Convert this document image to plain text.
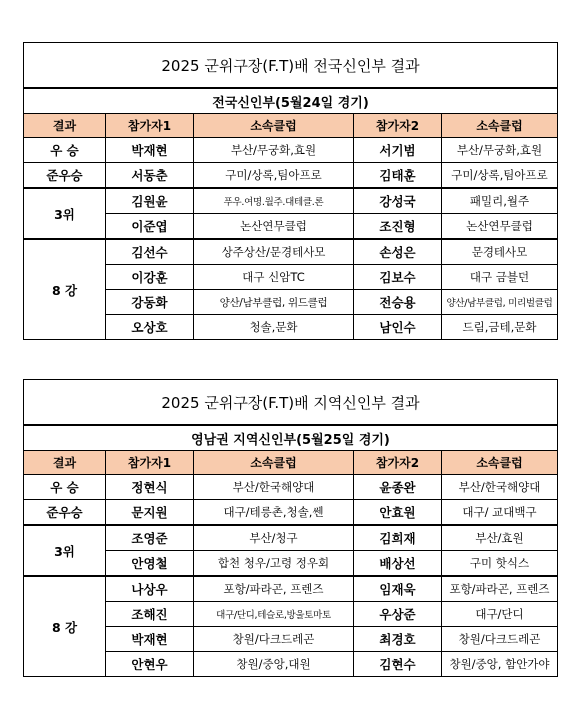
2025 군위구장(F.T)배 전국신인부 결과				
전국신인부(5월24일 경기)				
결과	참가자1	소속클럽	참가자2	소속클럽
우 승	박재현	부산/무궁화,효원	서기범	부산/무궁화,효원
준우승	서동춘	구미/상록,팀아프로	김태훈	구미/상록,팀아프로
3위	김원윤	푸우.여명.월주.대테클.론	강성국	패밀리,월주
	이준엽	논산연무클럽	조진형	논산연무클럽
8 강	김선수	상주상산/문경테사모	손성은	문경테사모
	이강훈	대구 신암TC	김보수	대구 금블던
	강동화	양산/남부클럽, 위드클럽	전승용	양산/남부클럽, 미리벌클럽
	오상호	청솔,문화	남인수	드림,금테,문화
2025 군위구장(F.T)배 지역신인부 결과				
영남권 지역신인부(5월25일 경기)				
결과	참가자1	소속클럽	참가자2	소속클럽
우 승	정현식	부산/한국해양대	윤종완	부산/한국해양대
준우승	문지원	대구/테릉촌,청솔,쎈	안효원	대구/ 교대백구
3위	조영준	부산/청구	김희재	부산/효원
	안영철	합천 청우/고령 정우회	배상선	구미 핫식스
8 강	나상우	포항/파라곤, 프렌즈	임재욱	포항/파라곤, 프렌즈
	조해진	대구/단디,테슬로,방울토마토	우상준	대구/단디
	박재현	창원/다크드레곤	최경호	창원/다크드레곤
	안현우	창원/중앙,대원	김현수	창원/중앙, 함안가야
